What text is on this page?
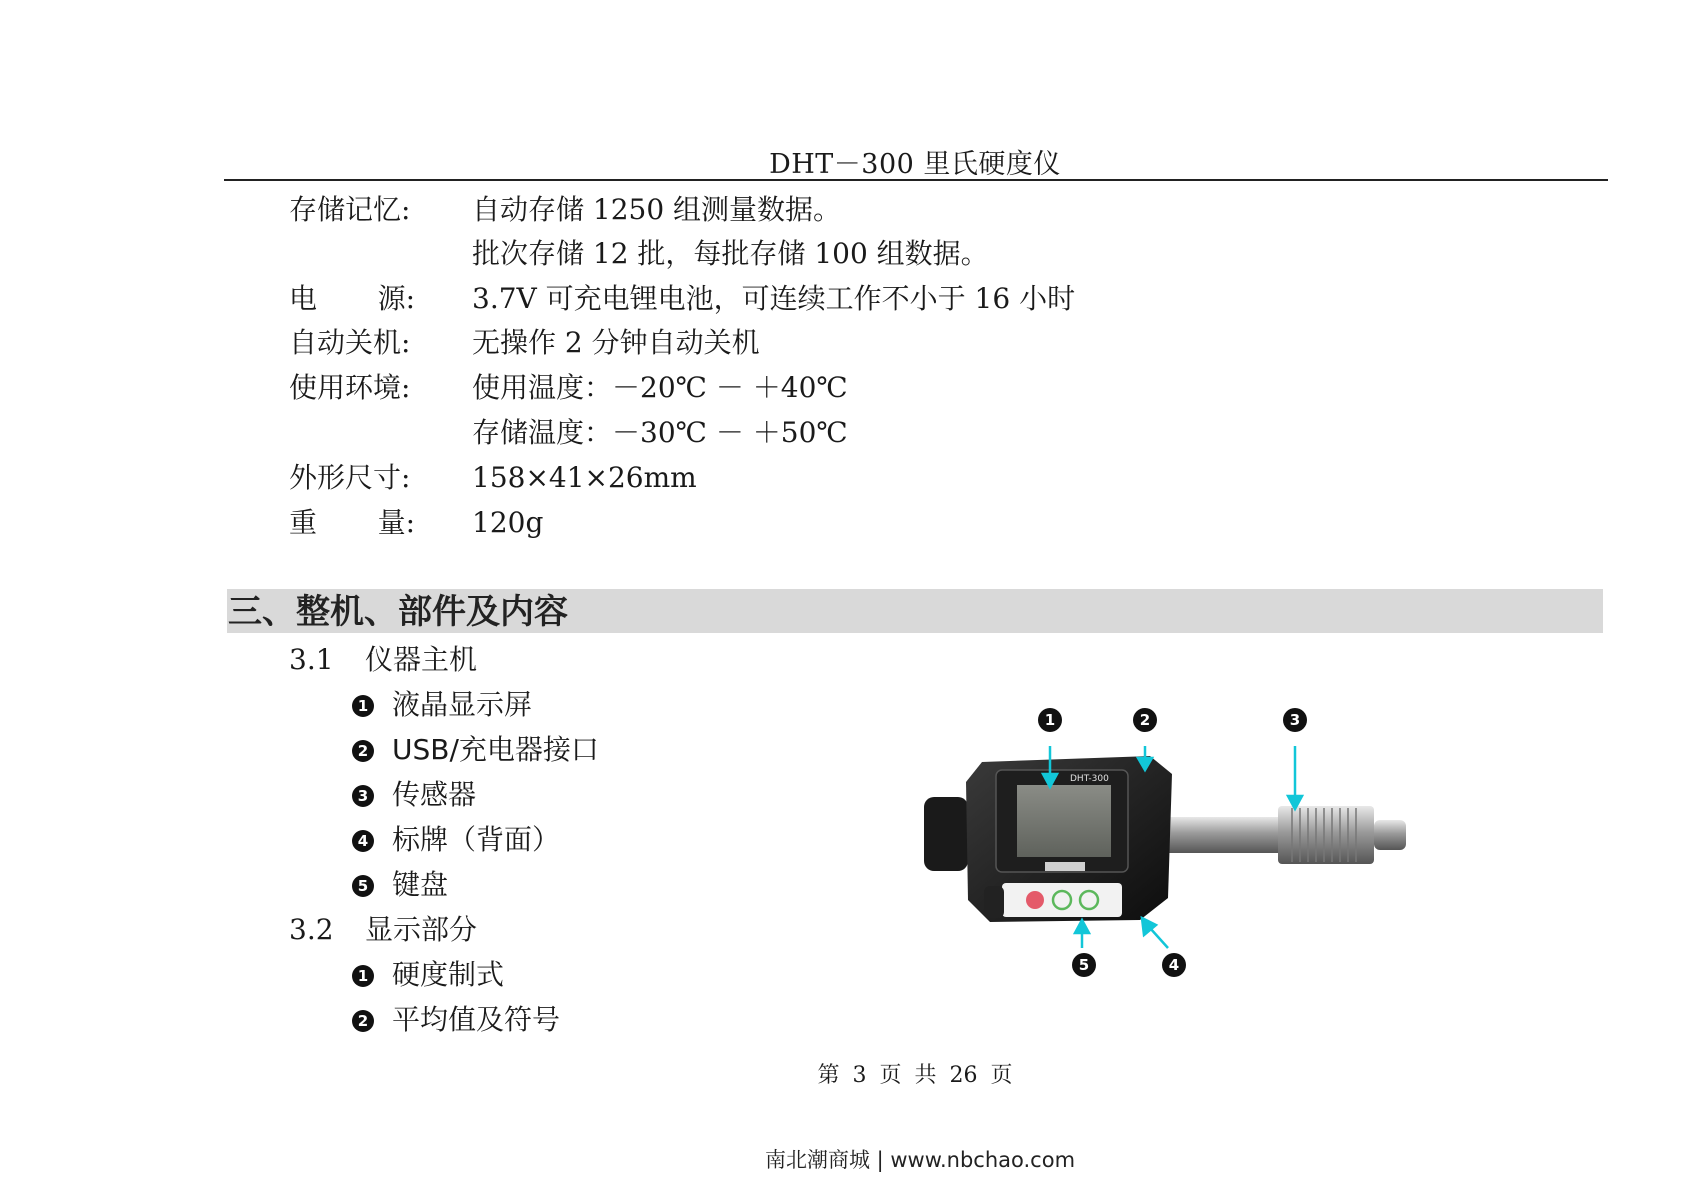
DHT－300 里氏硬度仪
存储记忆:	自动存储 1250 组测量数据。
批次存储 12 批，每批存储 100 组数据。
电 源: 3.7V 可充电锂电池，可连续工作不小于 16 小时
自动关机:	无操作 2 分钟自动关机
使用环境:	使用温度：－20℃ － ＋40℃
存储温度：－30℃ － ＋50℃
外形尺寸:	158×41×26mm
重 量: 120g
三、整机、部件及内容
3.1 仪器主机
1 液晶显示屏
2 USB/充电器接口
3 传感器
4 标牌（背面）
5 键盘
3.2 显示部分
1 硬度制式
2 平均值及符号
DHT-300
1	2	3
5	4
第 3 页 共 26 页
南北潮商城 | www.nbchao.com
